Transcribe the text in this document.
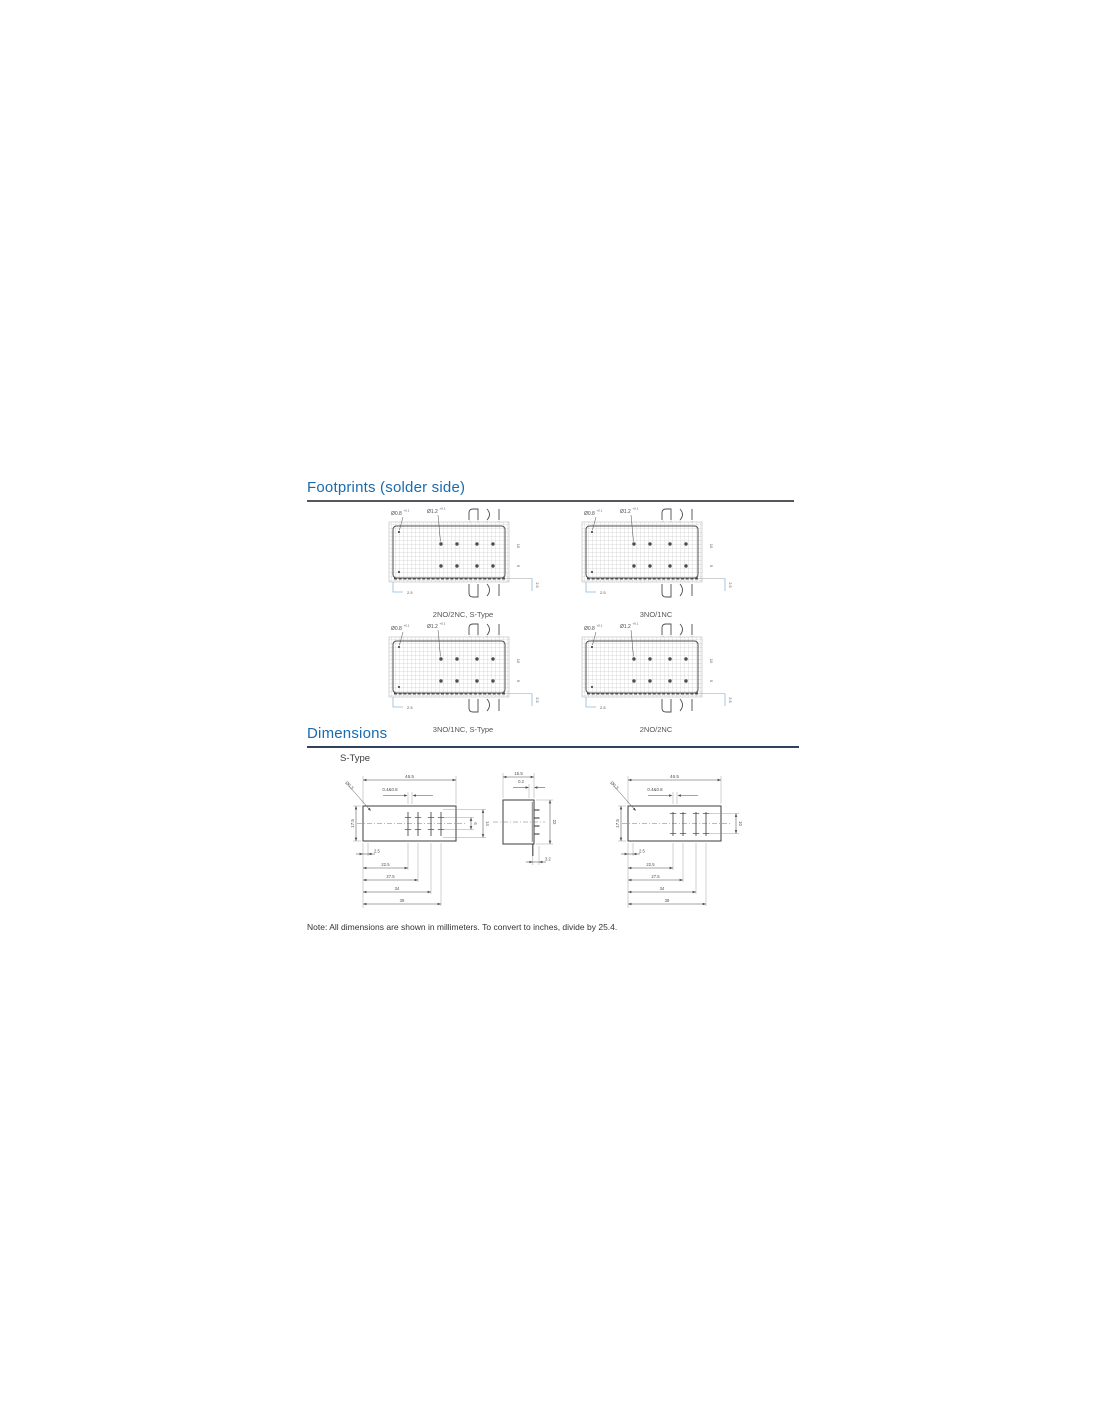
Footprints (solder side)
Ø0.8
+0.1	Ø1.2
+0.1
10
5
2.5
2.5
2NO/2NC, S-Type
Ø0.8
+0.1	Ø1.2
+0.1
10
5
2.5
2.5
3NO/1NC
Ø0.8
+0.1	Ø1.2
+0.1
10
5
2.5
2.5
3NO/1NC, S-Type
Ø0.8
+0.1	Ø1.2
+0.1
10
5
2.5
2.5
2NO/2NC
Dimensions
S-Type
46.5
0.4&0.8
Ø0.3
17.5	6 14
2.5
22.5
27.5
34
39
15.5
0.2
3.2
22
46.5
0.4&0.8
Ø0.3
17.5	10
2.5
22.5
27.5
34
39
Note: All dimensions are shown in millimeters. To convert to inches, divide by 25.4.
